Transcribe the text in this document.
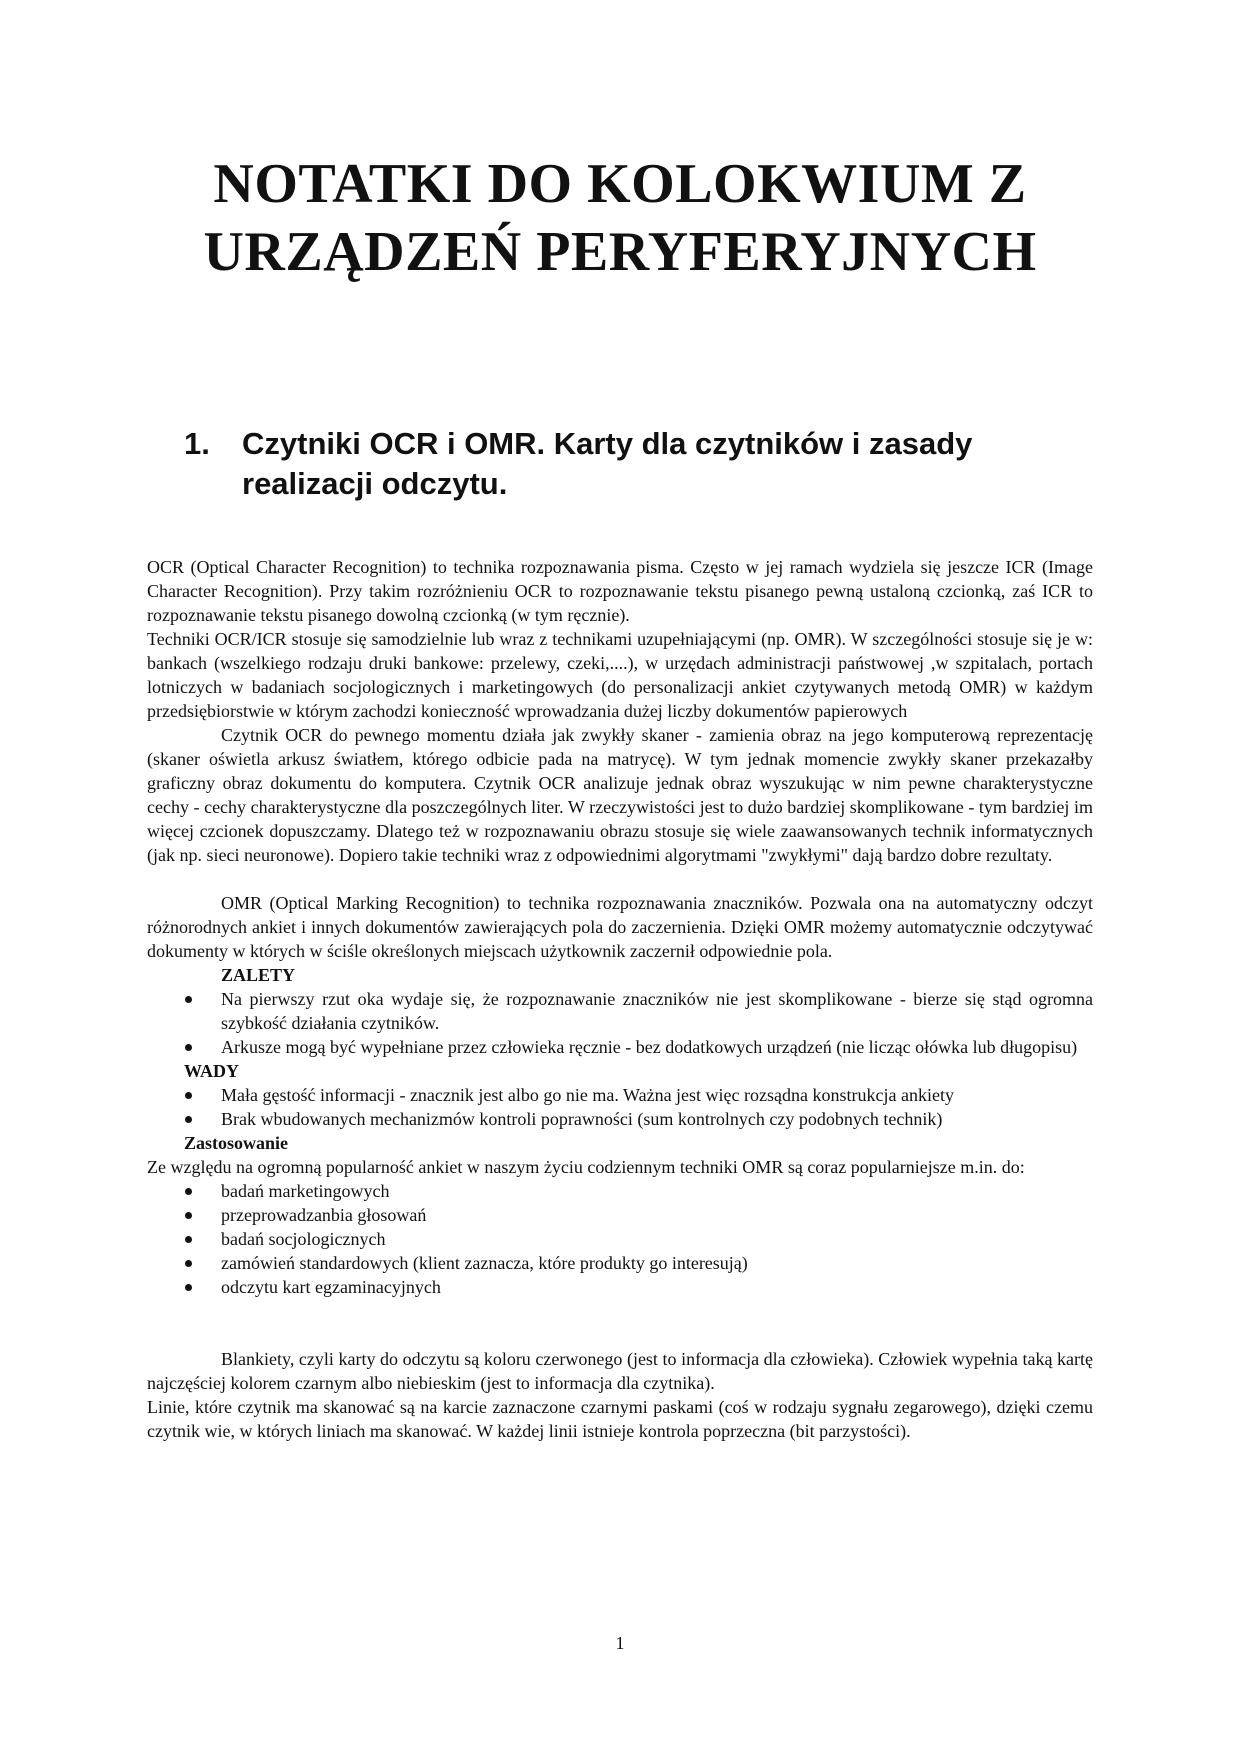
NOTATKI DO KOLOKWIUM Z
URZĄDZEŃ PERYFERYJNYCH
1. Czytniki OCR i OMR. Karty dla czytników i zasady
realizacji odczytu.

OCR (Optical Character Recognition) to technika rozpoznawania pisma. Często w jej ramach wydziela się jeszcze ICR (Image Character Recognition). Przy takim rozróżnieniu OCR to rozpoznawanie tekstu pisanego pewną ustaloną czcionką, zaś ICR to rozpoznawanie tekstu pisanego dowolną czcionką (w tym ręcznie).

Techniki OCR/ICR stosuje się samodzielnie lub wraz z technikami uzupełniającymi (np. OMR). W szczególności stosuje się je w: bankach (wszelkiego rodzaju druki bankowe: przelewy, czeki,....), w urzędach administracji państwowej ,w szpitalach, portach lotniczych w badaniach socjologicznych i marketingowych (do personalizacji ankiet czytywanych metodą OMR) w każdym przedsiębiorstwie w którym zachodzi konieczność wprowadzania dużej liczby dokumentów papierowych

Czytnik OCR do pewnego momentu działa jak zwykły skaner - zamienia obraz na jego komputerową reprezentację (skaner oświetla arkusz światłem, którego odbicie pada na matrycę). W tym jednak momencie zwykły skaner przekazałby graficzny obraz dokumentu do komputera. Czytnik OCR analizuje jednak obraz wyszukując w nim pewne charakterystyczne cechy - cechy charakterystyczne dla poszczególnych liter. W rzeczywistości jest to dużo bardziej skomplikowane - tym bardziej im więcej czcionek dopuszczamy. Dlatego też w rozpoznawaniu obrazu stosuje się wiele zaawansowanych technik informatycznych (jak np. sieci neuronowe). Dopiero takie techniki wraz z odpowiednimi algorytmami "zwykłymi" dają bardzo dobre rezultaty.

OMR (Optical Marking Recognition) to technika rozpoznawania znaczników. Pozwala ona na automatyczny odczyt różnorodnych ankiet i innych dokumentów zawierających pola do zaczernienia. Dzięki OMR możemy automatycznie odczytywać dokumenty w których w ściśle określonych miejscach użytkownik zaczernił odpowiednie pola.

ZALETY
Na pierwszy rzut oka wydaje się, że rozpoznawanie znaczników nie jest skomplikowane - bierze się stąd ogromna szybkość działania czytników.
Arkusze mogą być wypełniane przez człowieka ręcznie - bez dodatkowych urządzeń (nie licząc ołówka lub długopisu)
WADY
Mała gęstość informacji - znacznik jest albo go nie ma. Ważna jest więc rozsądna konstrukcja ankiety
Brak wbudowanych mechanizmów kontroli poprawności (sum kontrolnych czy podobnych technik)
Zastosowanie

Ze względu na ogromną popularność ankiet w naszym życiu codziennym techniki OMR są coraz popularniejsze m.in. do:

badań marketingowych
przeprowadzanbia głosowań
badań socjologicznych
zamówień standardowych (klient zaznacza, które produkty go interesują)
odczytu kart egzaminacyjnych

Blankiety, czyli karty do odczytu są koloru czerwonego (jest to informacja dla człowieka). Człowiek wypełnia taką kartę najczęściej kolorem czarnym albo niebieskim (jest to informacja dla czytnika).

Linie, które czytnik ma skanować są na karcie zaznaczone czarnymi paskami (coś w rodzaju sygnału zegarowego), dzięki czemu czytnik wie, w których liniach ma skanować. W każdej linii istnieje kontrola poprzeczna (bit parzystości).

1
